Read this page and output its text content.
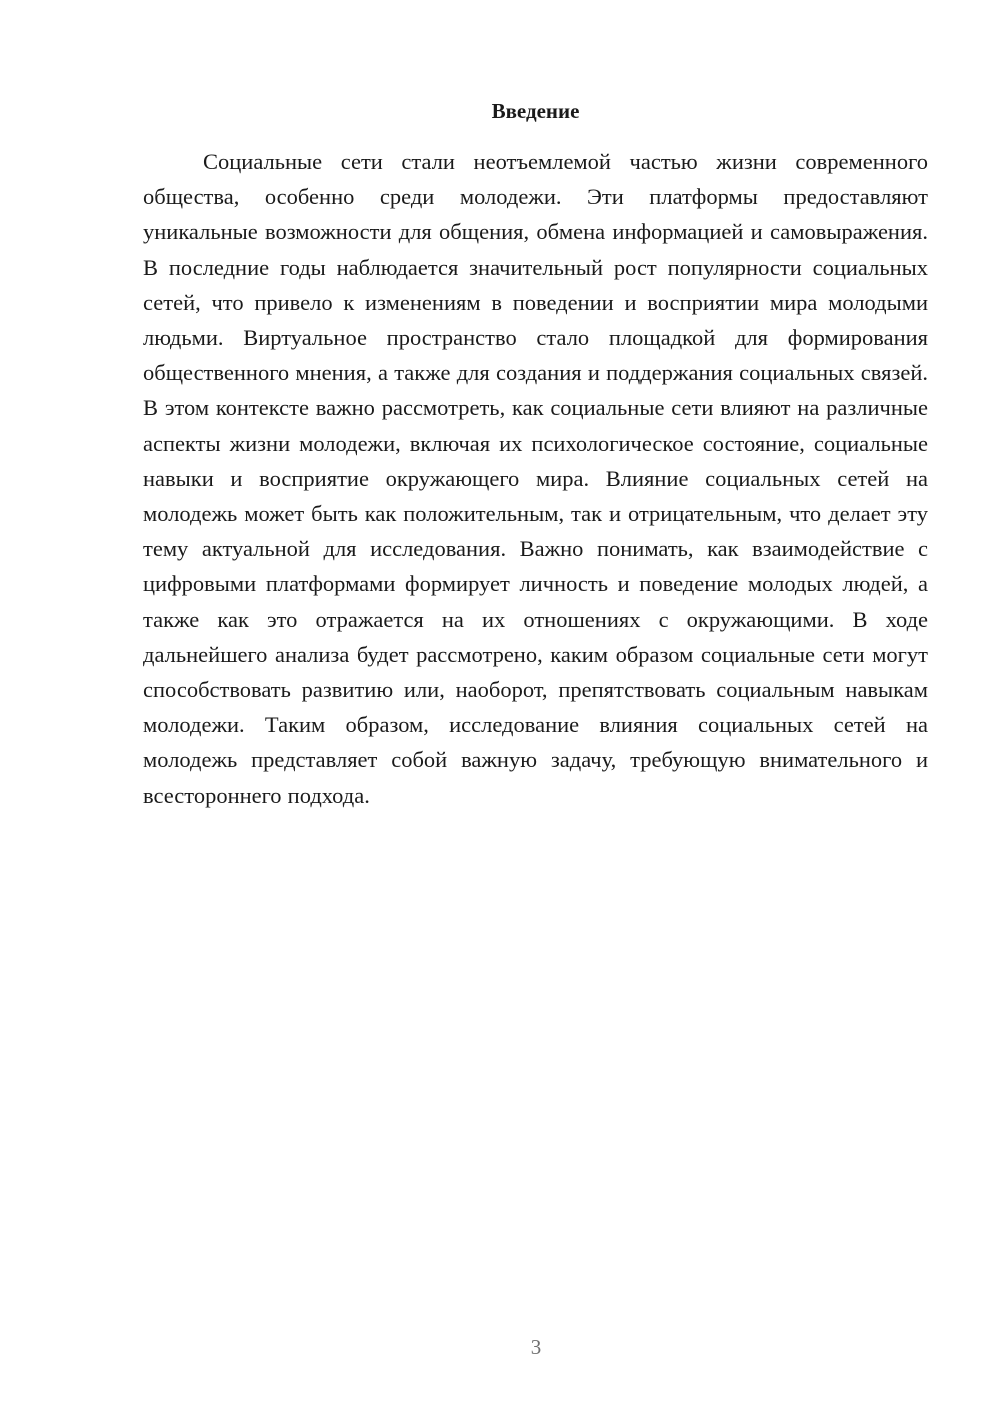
Введение

Социальные сети стали неотъемлемой частью жизни современного общества, особенно среди молодежи. Эти платформы предоставляют уникальные возможности для общения, обмена информацией и самовыражения. В последние годы наблюдается значительный рост популярности социальных сетей, что привело к изменениям в поведении и восприятии мира молодыми людьми. Виртуальное пространство стало площадкой для формирования общественного мнения, а также для создания и поддержания социальных связей. В этом контексте важно рассмотреть, как социальные сети влияют на различные аспекты жизни молодежи, включая их психологическое состояние, социальные навыки и восприятие окружающего мира. Влияние социальных сетей на молодежь может быть как положительным, так и отрицательным, что делает эту тему актуальной для исследования. Важно понимать, как взаимодействие с цифровыми платформами формирует личность и поведение молодых людей, а также как это отражается на их отношениях с окружающими. В ходе дальнейшего анализа будет рассмотрено, каким образом социальные сети могут способствовать развитию или, наоборот, препятствовать социальным навыкам молодежи. Таким образом, исследование влияния социальных сетей на молодежь представляет собой важную задачу, требующую внимательного и всестороннего подхода.

3
